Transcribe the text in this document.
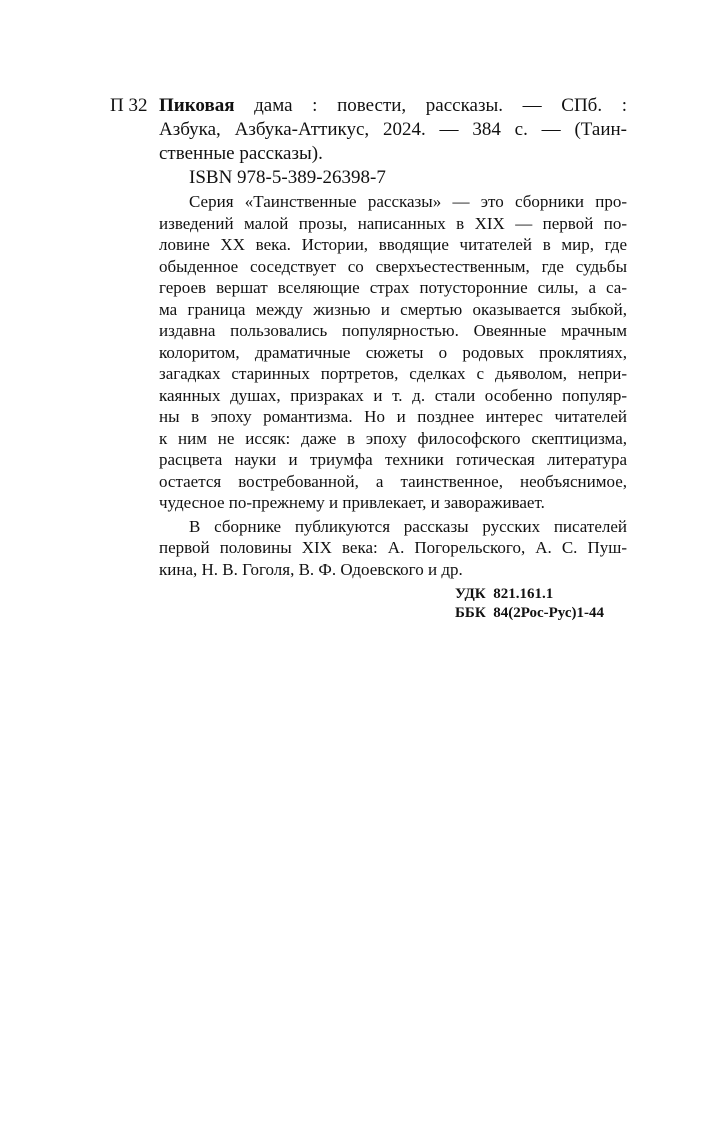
П 32 Пиковая дама : повести, рассказы. — СПб. :
Азбука, Азбука-Аттикус, 2024. — 384 с. — (Таин-
ственные рассказы).
ISBN 978-5-389-26398-7
Серия «Таинственные рассказы» — это сборники про-
изведений малой прозы, написанных в XIX — первой по-
ловине XX века. Истории, вводящие читателей в мир, где
обыденное соседствует со сверхъестественным, где судьбы
героев вершат вселяющие страх потусторонние силы, а са-
ма граница между жизнью и смертью оказывается зыбкой,
издавна пользовались популярностью. Овеянные мрачным
колоритом, драматичные сюжеты о родовых проклятиях,
загадках старинных портретов, сделках с дьяволом, непри-
каянных душах, призраках и т. д. стали особенно популяр-
ны в эпоху романтизма. Но и позднее интерес читателей
к ним не иссяк: даже в эпоху философского скептицизма,
расцвета науки и триумфа техники готическая литература
остается востребованной, а таинственное, необъяснимое,
чудесное по-прежнему и привлекает, и завораживает.
В сборнике публикуются рассказы русских писателей
первой половины XIX века: А. Погорельского, А. С. Пуш-
кина, Н. В. Гоголя, В. Ф. Одоевского и др.
УДК  821.161.1
ББК  84(2Рос-Рус)1-44
